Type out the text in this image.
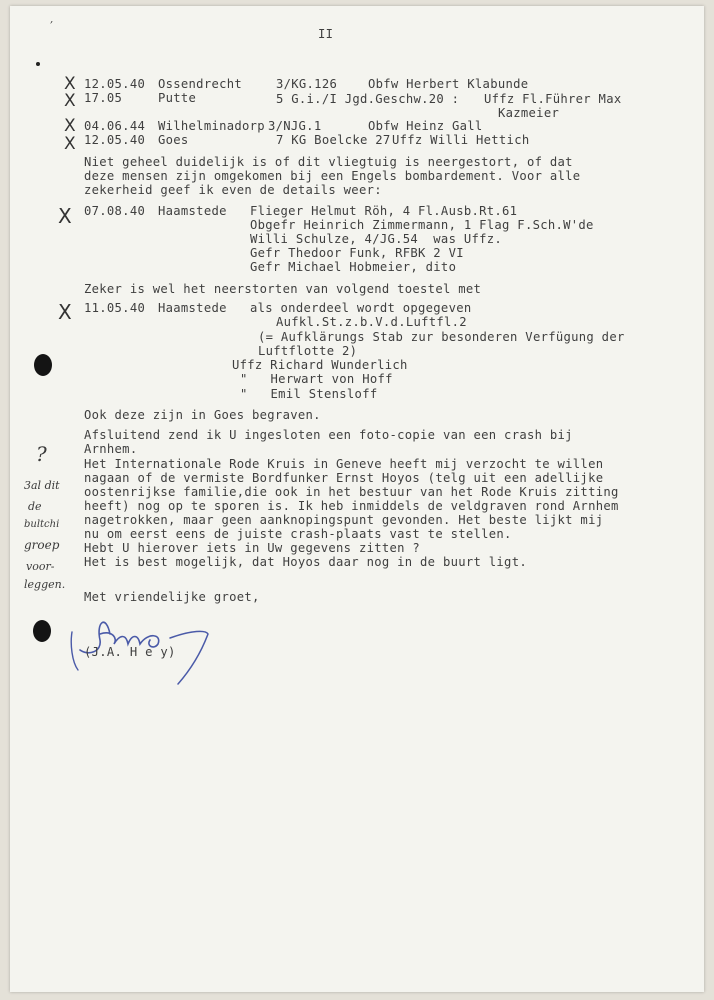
,
II
X 12.05.40 Ossendrecht	3/KG.126	Obfw Herbert Klabunde
X 17.05	Putte	5 G.i./I Jgd.Geschw.20 : Uffz Fl.Führer Max
Kazmeier
X 04.06.44 Wilhelminadorp 3/NJG.1	Obfw Heinz Gall
X 12.05.40 Goes	7 KG Boelcke 27 Uffz Willi Hettich
Niet geheel duidelijk is of dit vliegtuig is neergestort, of dat
deze mensen zijn omgekomen bij een Engels bombardement. Voor alle
zekerheid geef ik even de details weer:
X 07.08.40 Haamstede Flieger Helmut Röh, 4 Fl.Ausb.Rt.61
Obgefr Heinrich Zimmermann, 1 Flag F.Sch.W'de
Willi Schulze, 4/JG.54  was Uffz.
Gefr Thedoor Funk, RFBK 2 VI
Gefr Michael Hobmeier, dito
Zeker is wel het neerstorten van volgend toestel met
X 11.05.40 Haamstede als onderdeel wordt opgegeven
Aufkl.St.z.b.V.d.Luftfl.2
(= Aufklärungs Stab zur besonderen Verfügung der
Luftflotte 2)
Uffz Richard Wunderlich
"   Herwart von Hoff
"   Emil Stensloff
Ook deze zijn in Goes begraven.
Afsluitend zend ik U ingesloten een foto-copie van een crash bij
Arnhem.
Het Internationale Rode Kruis in Geneve heeft mij verzocht te willen
nagaan of de vermiste Bordfunker Ernst Hoyos (telg uit een adellijke
oostenrijkse familie,die ook in het bestuur van het Rode Kruis zitting
heeft) nog op te sporen is. Ik heb inmiddels de veldgraven rond Arnhem
nagetrokken, maar geen aanknopingspunt gevonden. Het beste lijkt mij
nu om eerst eens de juiste crash-plaats vast te stellen.
Hebt U hierover iets in Uw gegevens zitten ?
Het is best mogelijk, dat Hoyos daar nog in de buurt ligt.
Met vriendelijke groet,
(J.A. H e y)
?
3al dit
de
bultchi
groep
voor-
leggen.
